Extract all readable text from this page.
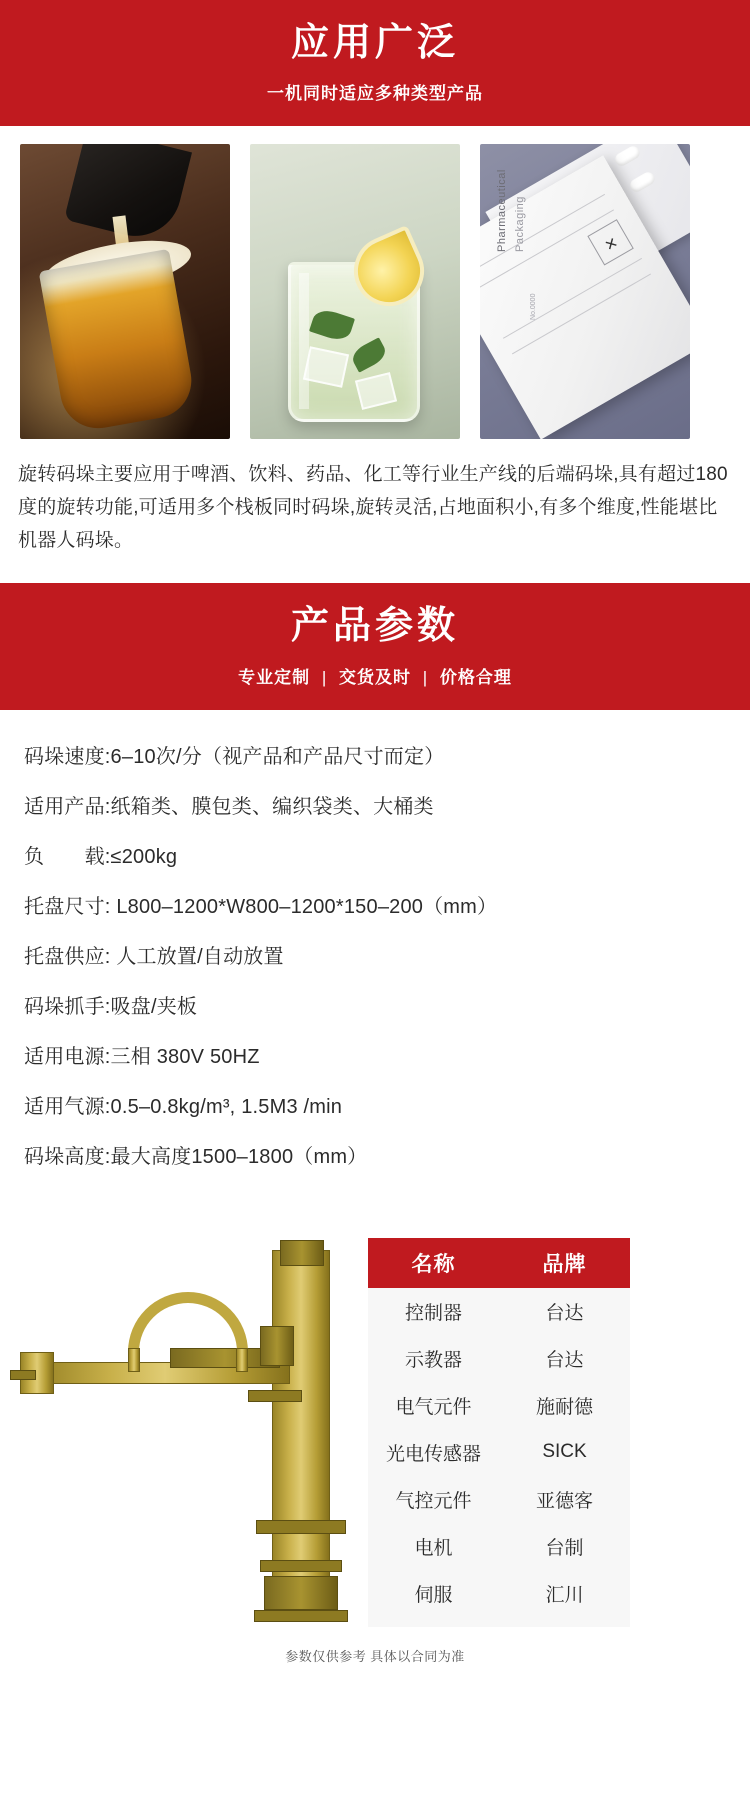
应用广泛
一机同时适应多种类型产品
✕
Pharmaceutical Packaging
No.0000
旋转码垛主要应用于啤酒、饮料、药品、化工等行业生产线的后端码垛,具有超过180度的旋转功能,可适用多个栈板同时码垛,旋转灵活,占地面积小,有多个维度,性能堪比机器人码垛。
产品参数
专业定制 | 交货及时 | 价格合理
码垛速度:6–10次/分（视产品和产品尺寸而定）
适用产品:纸箱类、膜包类、编织袋类、大桶类
负　　载:≤200kg
托盘尺寸: L800–1200*W800–1200*150–200（mm）
托盘供应: 人工放置/自动放置
码垛抓手:吸盘/夹板
适用电源:三相 380V 50HZ
适用气源:0.5–0.8kg/m³, 1.5M3 /min
码垛高度:最大高度1500–1800（mm）
名称	品牌
控制器	台达
示教器	台达
电气元件	施耐德
光电传感器	SICK
气控元件	亚德客
电机	台制
伺服	汇川
参数仅供参考 具体以合同为准
